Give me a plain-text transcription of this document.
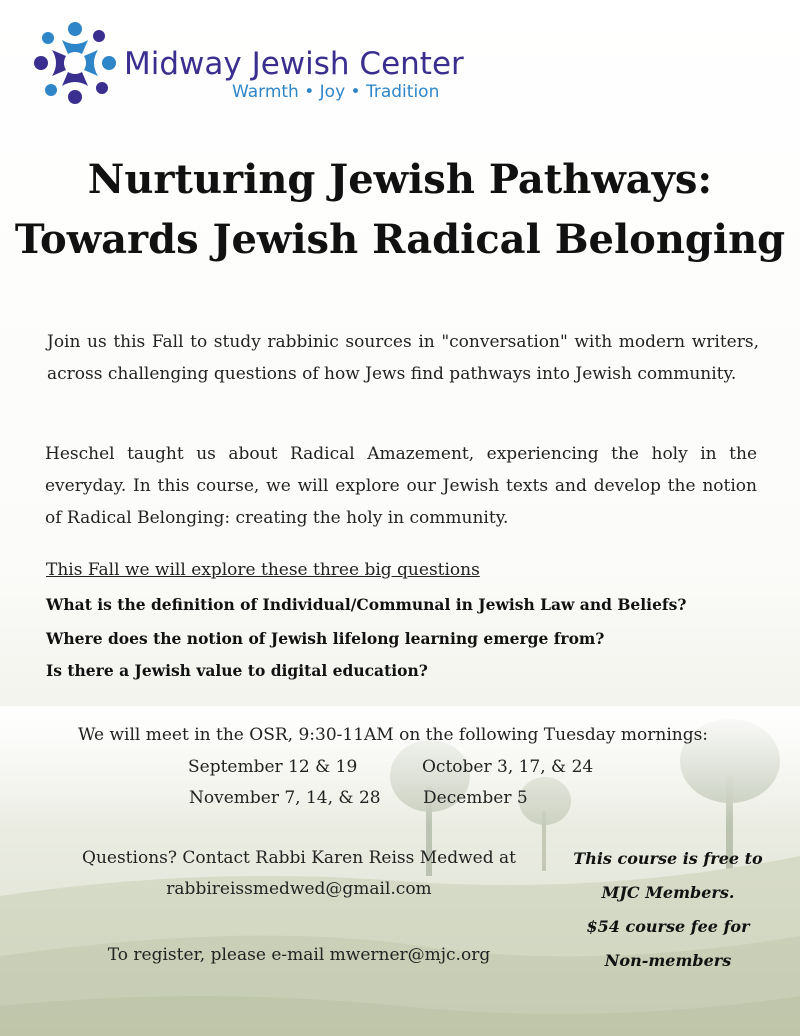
Midway Jewish Center
Warmth • Joy • Tradition
Nurturing Jewish Pathways:
Towards Jewish Radical Belonging
Join us this Fall to study rabbinic sources in "conversation" with modern writers, across challenging questions of how Jews find pathways into Jewish community.
Heschel taught us about Radical Amazement, experiencing the holy in the everyday. In this course, we will explore our Jewish texts and develop the notion of Radical Belonging: creating the holy in community.
This Fall we will explore these three big questions
What is the definition of Individual/Communal in Jewish Law and Beliefs?
Where does the notion of Jewish lifelong learning emerge from?
Is there a Jewish value to digital education?
We will meet in the OSR, 9:30-11AM on the following Tuesday mornings:
September 12 & 19	October 3, 17, & 24
November 7, 14, & 28 December 5
Questions? Contact Rabbi Karen Reiss Medwed at
rabbireissmedwed@gmail.com
To register, please e-mail mwerner@mjc.org
This course is free to
MJC Members.
$54 course fee for
Non-members
